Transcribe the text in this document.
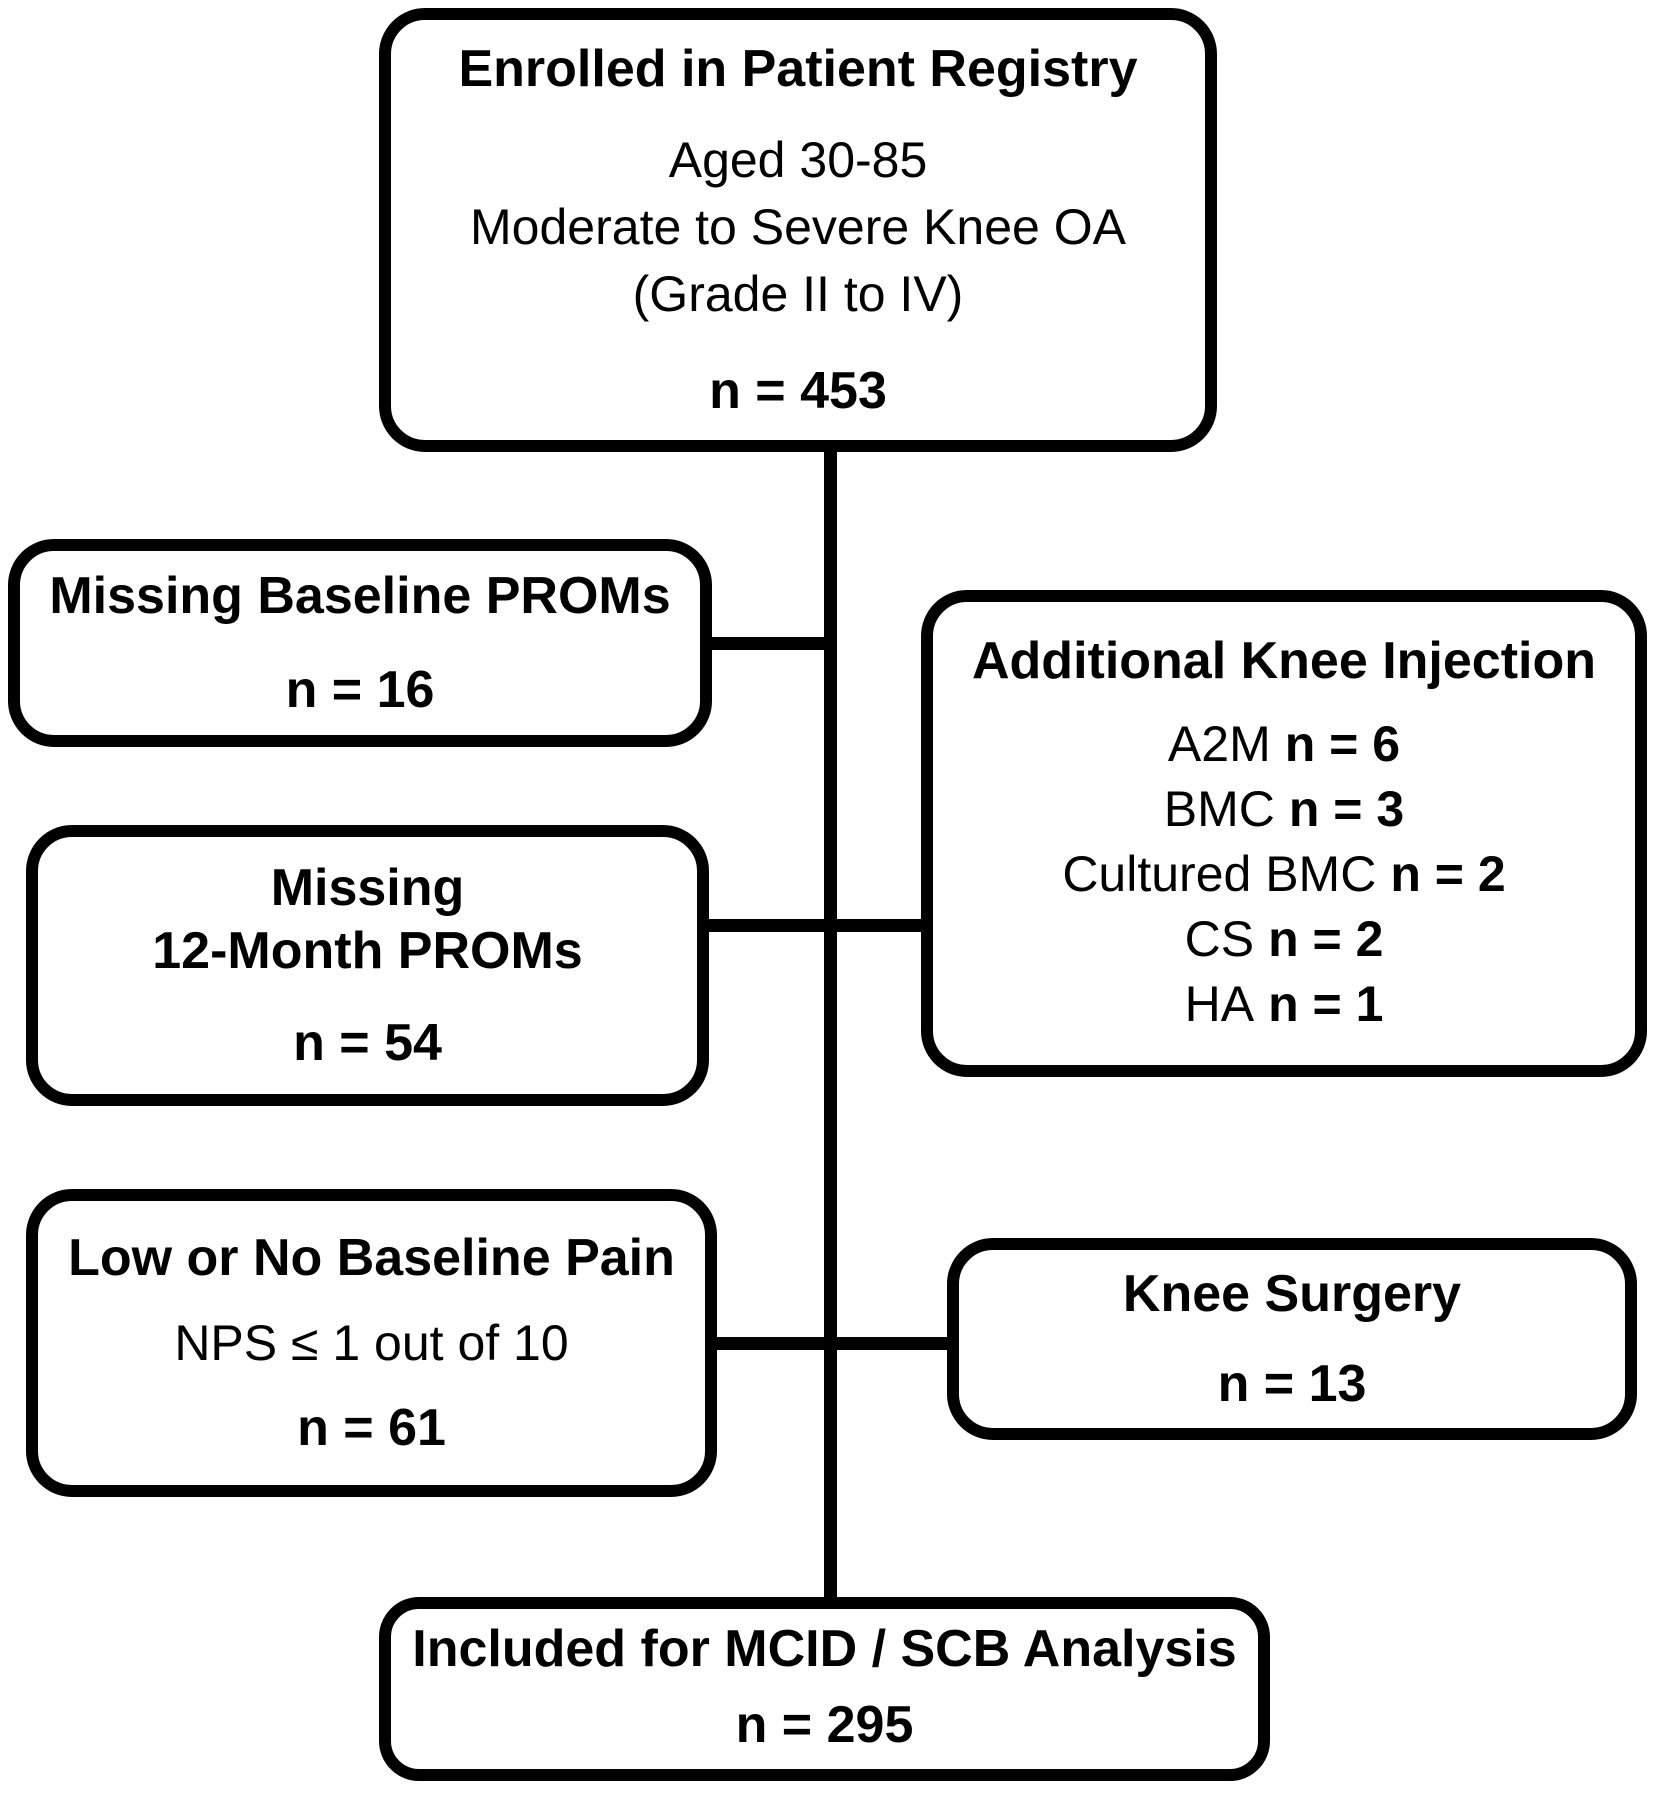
Enrolled in Patient Registry
Aged 30-85
Moderate to Severe Knee OA
(Grade II to IV)
n = 453
Missing Baseline PROMs
n = 16
Missing
12-Month PROMs
n = 54
Low or No Baseline Pain
NPS ≤ 1 out of 10
n = 61
Additional Knee Injection
A2M n = 6
BMC n = 3
Cultured BMC n = 2
CS n = 2
HA n = 1
Knee Surgery
n = 13
Included for MCID / SCB Analysis
n = 295
